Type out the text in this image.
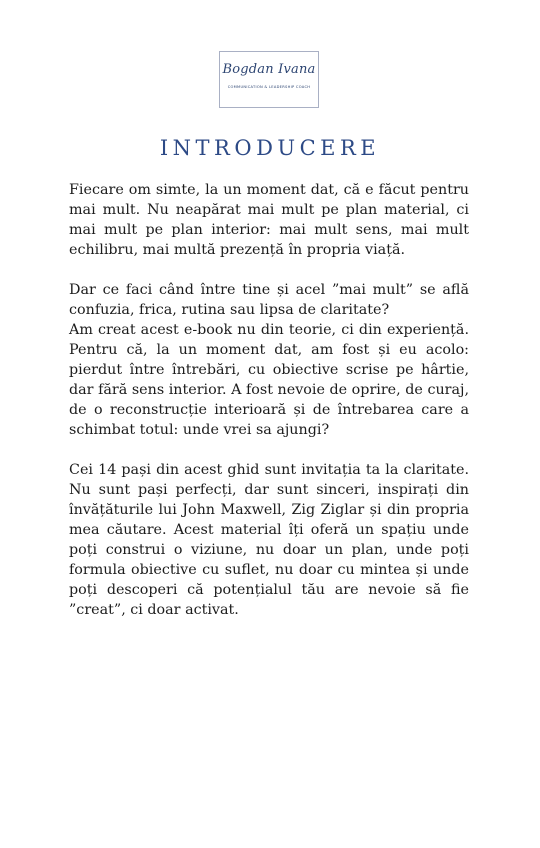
Bogdan Ivana
COMMUNICATION & LEADERSHIP COACH
INTRODUCERE

Fiecare om simte, la un moment dat, că e făcut pentru mai mult. Nu neapărat mai mult pe plan material, ci mai mult pe plan interior: mai mult sens, mai mult echilibru, mai multă prezență în propria viață.

Dar ce faci când între tine și acel ”mai mult” se află confuzia, frica, rutina sau lipsa de claritate?

Am creat acest e-book nu din teorie, ci din experiență. Pentru că, la un moment dat, am fost și eu acolo: pierdut între întrebări, cu obiective scrise pe hârtie, dar fără sens interior. A fost nevoie de oprire, de curaj, de o reconstrucție interioară și de întrebarea care a schimbat totul: unde vrei sa ajungi?

Cei 14 pași din acest ghid sunt invitația ta la claritate. Nu sunt pași perfecți, dar sunt sinceri, inspirați din învățăturile lui John Maxwell, Zig Ziglar și din propria mea căutare. Acest material îți oferă un spațiu unde poți construi o viziune, nu doar un plan, unde poți formula obiective cu suflet, nu doar cu mintea și unde poți descoperi că potențialul tău are nevoie să fie ”creat”, ci doar activat.
